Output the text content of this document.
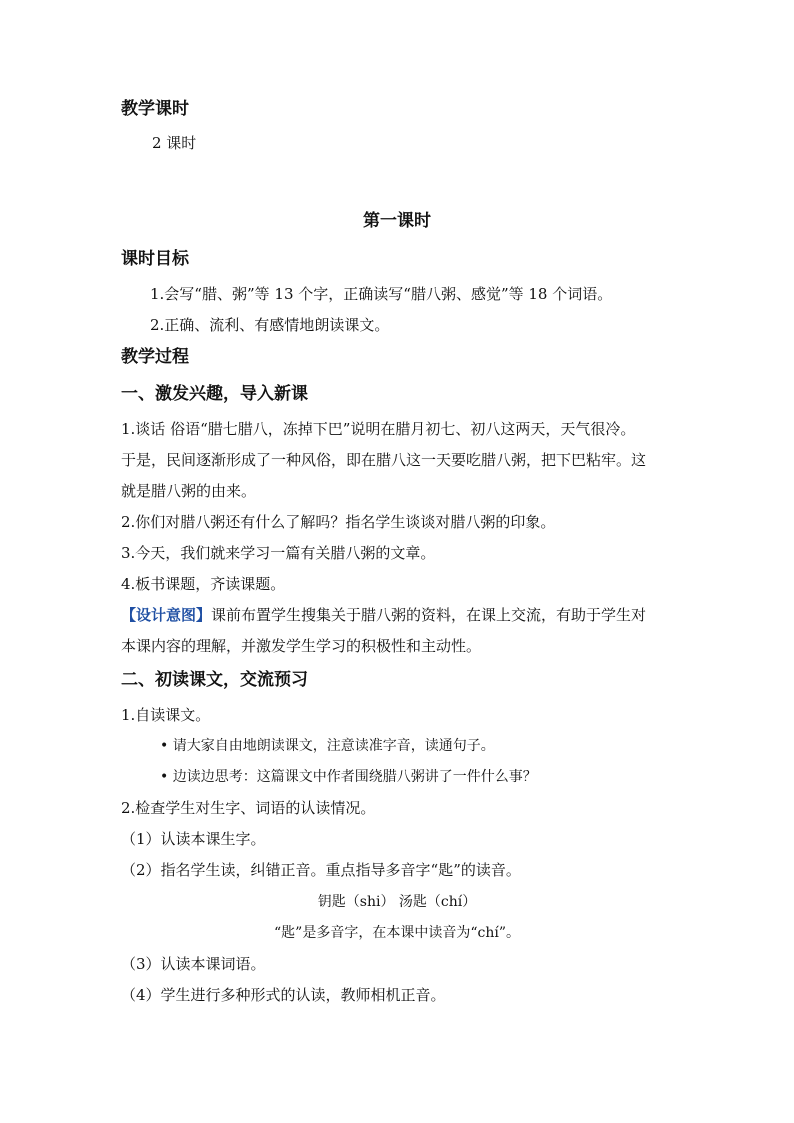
教学课时
2 课时
第一课时
课时目标
1.会写“腊、粥”等 13 个字，正确读写“腊八粥、感觉”等 18 个词语。
2.正确、流利、有感情地朗读课文。
教学过程
一、激发兴趣，导入新课
1.谈话 俗语“腊七腊八，冻掉下巴”说明在腊月初七、初八这两天，天气很冷。
于是，民间逐渐形成了一种风俗，即在腊八这一天要吃腊八粥，把下巴粘牢。这
就是腊八粥的由来。
2.你们对腊八粥还有什么了解吗？指名学生谈谈对腊八粥的印象。
3.今天，我们就来学习一篇有关腊八粥的文章。
4.板书课题，齐读课题。
【设计意图】课前布置学生搜集关于腊八粥的资料，在课上交流，有助于学生对
本课内容的理解，并激发学生学习的积极性和主动性。
二、初读课文，交流预习
1.自读课文。
• 请大家自由地朗读课文，注意读准字音，读通句子。
• 边读边思考：这篇课文中作者围绕腊八粥讲了一件什么事？
2.检查学生对生字、词语的认读情况。
（1）认读本课生字。
（2）指名学生读，纠错正音。重点指导多音字“匙”的读音。
钥匙（shi） 汤匙（chí）
“匙”是多音字，在本课中读音为“chí”。
（3）认读本课词语。
（4）学生进行多种形式的认读，教师相机正音。
